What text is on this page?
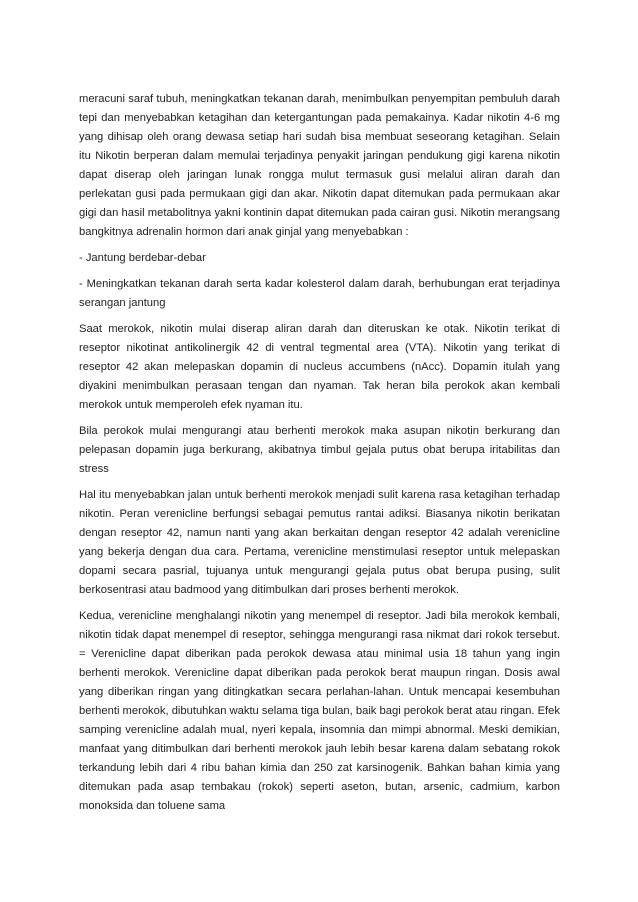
meracuni saraf tubuh, meningkatkan tekanan darah, menimbulkan penyempitan pembuluh darah tepi dan menyebabkan ketagihan dan ketergantungan pada pemakainya. Kadar nikotin 4-6 mg yang dihisap oleh orang dewasa setiap hari sudah bisa membuat seseorang ketagihan. Selain itu Nikotin berperan dalam memulai terjadinya penyakit jaringan pendukung gigi karena nikotin dapat diserap oleh jaringan lunak rongga mulut termasuk gusi melalui aliran darah dan perlekatan gusi pada permukaan gigi dan akar. Nikotin dapat ditemukan pada permukaan akar gigi dan hasil metabolitnya yakni kontinin dapat ditemukan pada cairan gusi. Nikotin merangsang bangkitnya adrenalin hormon dari anak ginjal yang menyebabkan :

- Jantung berdebar-debar

- Meningkatkan tekanan darah serta kadar kolesterol dalam darah, berhubungan erat terjadinya serangan jantung

Saat merokok, nikotin mulai diserap aliran darah dan diteruskan ke otak. Nikotin terikat di reseptor nikotinat antikolinergik 42 di ventral tegmental area (VTA). Nikotin yang terikat di reseptor 42 akan melepaskan dopamin di nucleus accumbens (nAcc). Dopamin itulah yang diyakini menimbulkan perasaan tengan dan nyaman. Tak heran bila perokok akan kembali merokok untuk memperoleh efek nyaman itu.

Bila perokok mulai mengurangi atau berhenti merokok maka asupan nikotin berkurang dan pelepasan dopamin juga berkurang, akibatnya timbul gejala putus obat berupa iritabilitas dan stress

Hal itu menyebabkan jalan untuk berhenti merokok menjadi sulit karena rasa ketagihan terhadap nikotin. Peran verenicline berfungsi sebagai pemutus rantai adiksi. Biasanya nikotin berikatan dengan reseptor 42, namun nanti yang akan berkaitan dengan reseptor 42 adalah verenicline yang bekerja dengan dua cara. Pertama, verenicline menstimulasi reseptor untuk melepaskan dopami secara pasrial, tujuanya untuk mengurangi gejala putus obat berupa pusing, sulit berkosentrasi atau badmood yang ditimbulkan dari proses berhenti merokok.

Kedua, verenicline menghalangi nikotin yang menempel di reseptor. Jadi bila merokok kembali, nikotin tidak dapat menempel di reseptor, sehingga mengurangi rasa nikmat dari rokok tersebut. = Verenicline dapat diberikan pada perokok dewasa atau minimal usia 18 tahun yang ingin berhenti merokok. Verenicline dapat diberikan pada perokok berat maupun ringan. Dosis awal yang diberikan ringan yang ditingkatkan secara perlahan-lahan. Untuk mencapai kesembuhan berhenti merokok, dibutuhkan waktu selama tiga bulan, baik bagi perokok berat atau ringan. Efek samping verenicline adalah mual, nyeri kepala, insomnia dan mimpi abnormal. Meski demikian, manfaat yang ditimbulkan dari berhenti merokok jauh lebih besar karena dalam sebatang rokok terkandung lebih dari 4 ribu bahan kimia dan 250 zat karsinogenik. Bahkan bahan kimia yang ditemukan pada asap tembakau (rokok) seperti aseton, butan, arsenic, cadmium, karbon monoksida dan toluene sama
